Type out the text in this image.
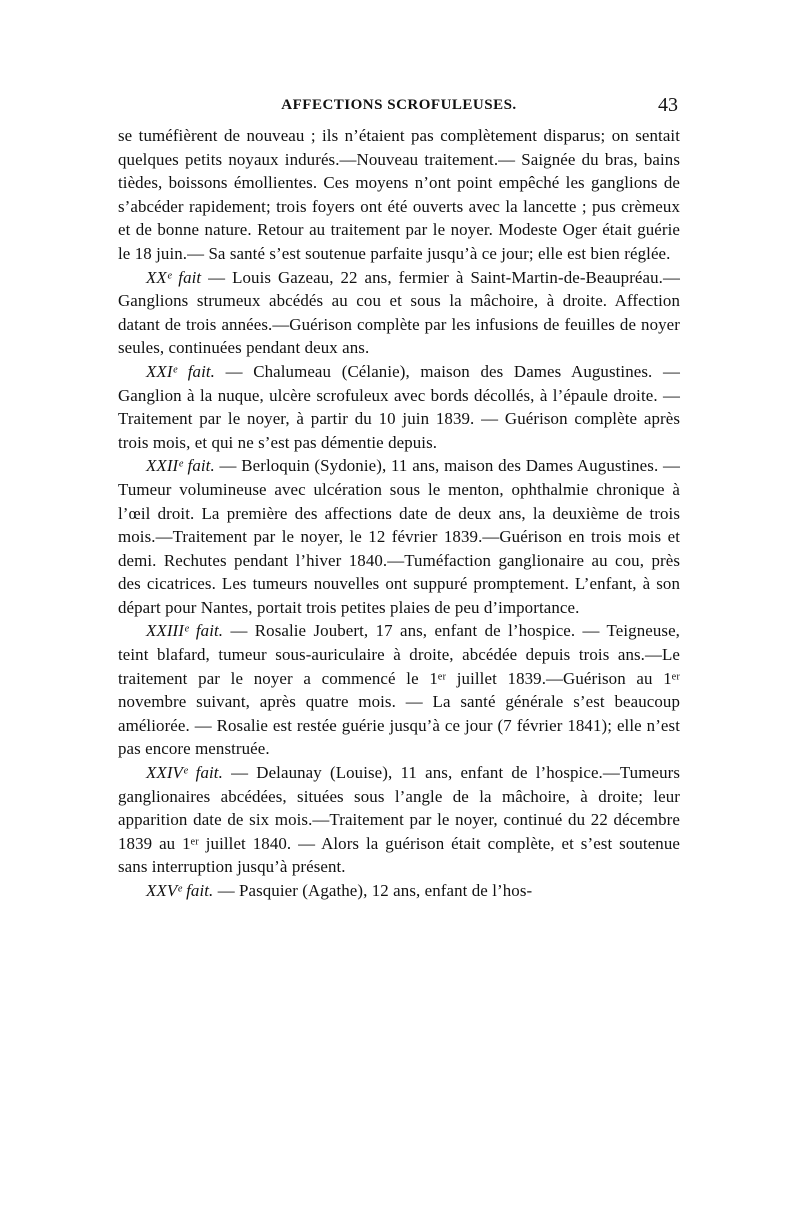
AFFECTIONS SCROFULEUSES.	43

se tuméfièrent de nouveau ; ils n’étaient pas complètement disparus; on sentait quelques petits noyaux indurés.—Nouveau traitement.— Saignée du bras, bains tièdes, boissons émollientes. Ces moyens n’ont point empêché les ganglions de s’abcéder rapidement; trois foyers ont été ouverts avec la lancette ; pus crèmeux et de bonne nature. Retour au traitement par le noyer. Modeste Oger était guérie le 18 juin.— Sa santé s’est soutenue parfaite jusqu’à ce jour; elle est bien réglée.

XXᵉ fait — Louis Gazeau, 22 ans, fermier à Saint-Martin-de-Beaupréau.—Ganglions strumeux abcédés au cou et sous la mâchoire, à droite. Affection datant de trois années.—Guérison complète par les infusions de feuilles de noyer seules, continuées pendant deux ans.

XXIᵉ fait. — Chalumeau (Célanie), maison des Dames Augustines. — Ganglion à la nuque, ulcère scrofuleux avec bords décollés, à l’épaule droite. —Traitement par le noyer, à partir du 10 juin 1839. — Guérison complète après trois mois, et qui ne s’est pas démentie depuis.

XXIIᵉ fait. — Berloquin (Sydonie), 11 ans, maison des Dames Augustines. — Tumeur volumineuse avec ulcération sous le menton, ophthalmie chronique à l’œil droit. La première des affections date de deux ans, la deuxième de trois mois.—Traitement par le noyer, le 12 février 1839.—Guérison en trois mois et demi. Rechutes pendant l’hiver 1840.—Tuméfaction ganglionaire au cou, près des cicatrices. Les tumeurs nouvelles ont suppuré promptement. L’enfant, à son départ pour Nantes, portait trois petites plaies de peu d’importance.

XXIIIᵉ fait. — Rosalie Joubert, 17 ans, enfant de l’hospice. — Teigneuse, teint blafard, tumeur sous-auriculaire à droite, abcédée depuis trois ans.—Le traitement par le noyer a commencé le 1ᵉʳ juillet 1839.—Guérison au 1ᵉʳ novembre suivant, après quatre mois. — La santé générale s’est beaucoup améliorée. — Rosalie est restée guérie jusqu’à ce jour (7 février 1841); elle n’est pas encore menstruée.

XXIVᵉ fait. — Delaunay (Louise), 11 ans, enfant de l’hospice.—Tumeurs ganglionaires abcédées, situées sous l’angle de la mâchoire, à droite; leur apparition date de six mois.—Traitement par le noyer, continué du 22 décembre 1839 au 1ᵉʳ juillet 1840. — Alors la guérison était complète, et s’est soutenue sans interruption jusqu’à présent.

XXVᵉ fait. — Pasquier (Agathe), 12 ans, enfant de l’hos-
